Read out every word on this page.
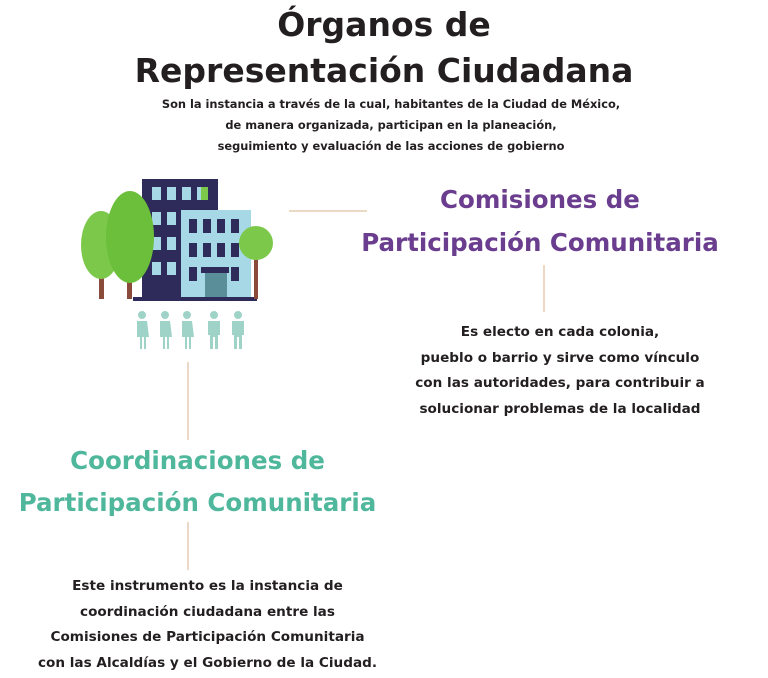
Órganos de
Representación Ciudadana
Son la instancia a través de la cual, habitantes de la Ciudad de México,
de manera organizada, participan en la planeación,
seguimiento y evaluación de las acciones de gobierno
Comisiones de
Participación Comunitaria
Es electo en cada colonia,
pueblo o barrio y sirve como vínculo
con las autoridades, para contribuir a
solucionar problemas de la localidad
Coordinaciones de
Participación Comunitaria
Este instrumento es la instancia de
coordinación ciudadana entre las
Comisiones de Participación Comunitaria
con las Alcaldías y el Gobierno de la Ciudad.
